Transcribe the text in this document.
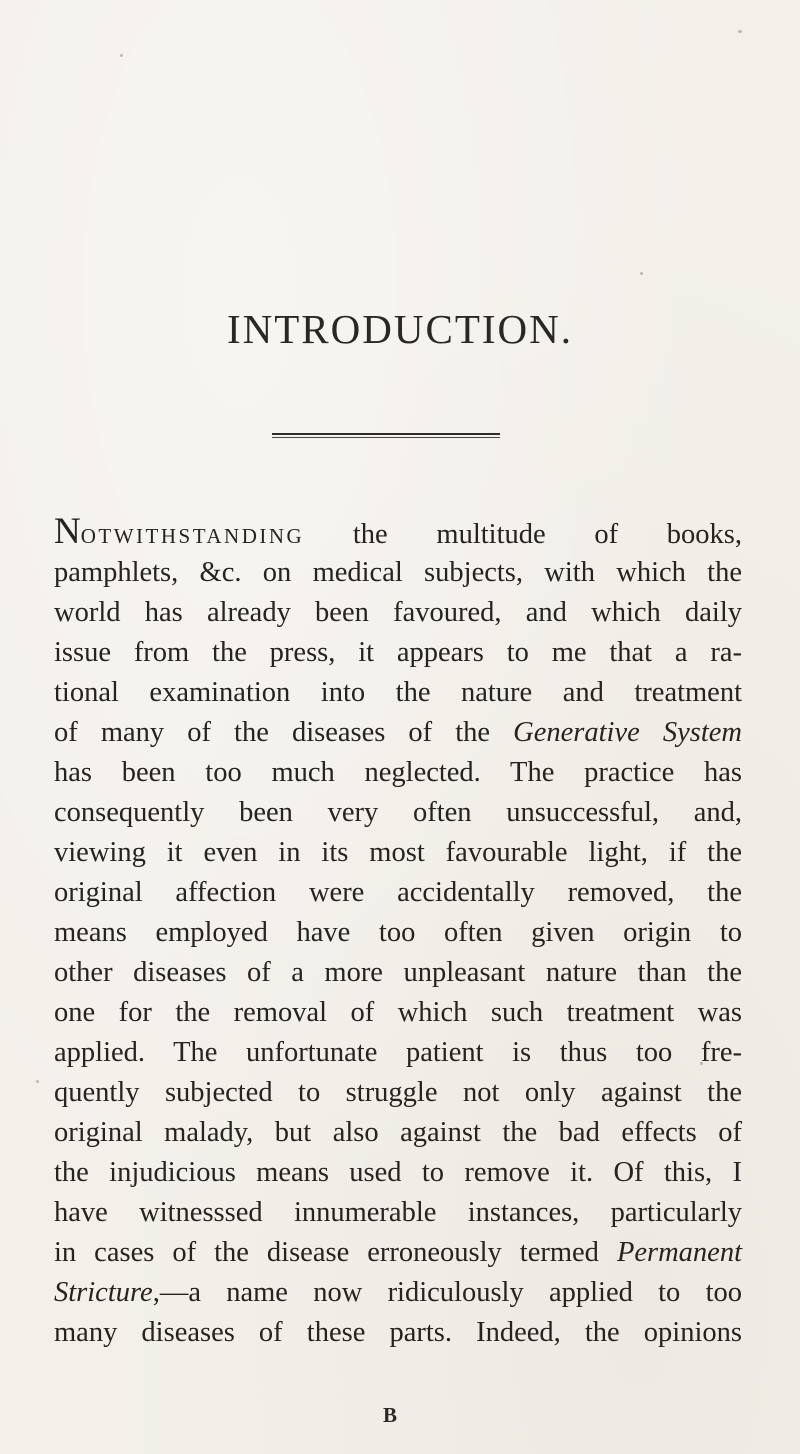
INTRODUCTION.
NOTWITHSTANDING the multitude of books,
pamphlets, &c. on medical subjects, with which the
world has already been favoured, and which daily
issue from the press, it appears to me that a ra-
tional examination into the nature and treatment
of many of the diseases of the Generative System
has been too much neglected. The practice has
consequently been very often unsuccessful, and,
viewing it even in its most favourable light, if the
original affection were accidentally removed, the
means employed have too often given origin to
other diseases of a more unpleasant nature than the
one for the removal of which such treatment was
applied. The unfortunate patient is thus too fre-
quently subjected to struggle not only against the
original malady, but also against the bad effects of
the injudicious means used to remove it. Of this, I
have witnesssed innumerable instances, particularly
in cases of the disease erroneously termed Permanent
Stricture,—a name now ridiculously applied to too
many diseases of these parts. Indeed, the opinions

B
